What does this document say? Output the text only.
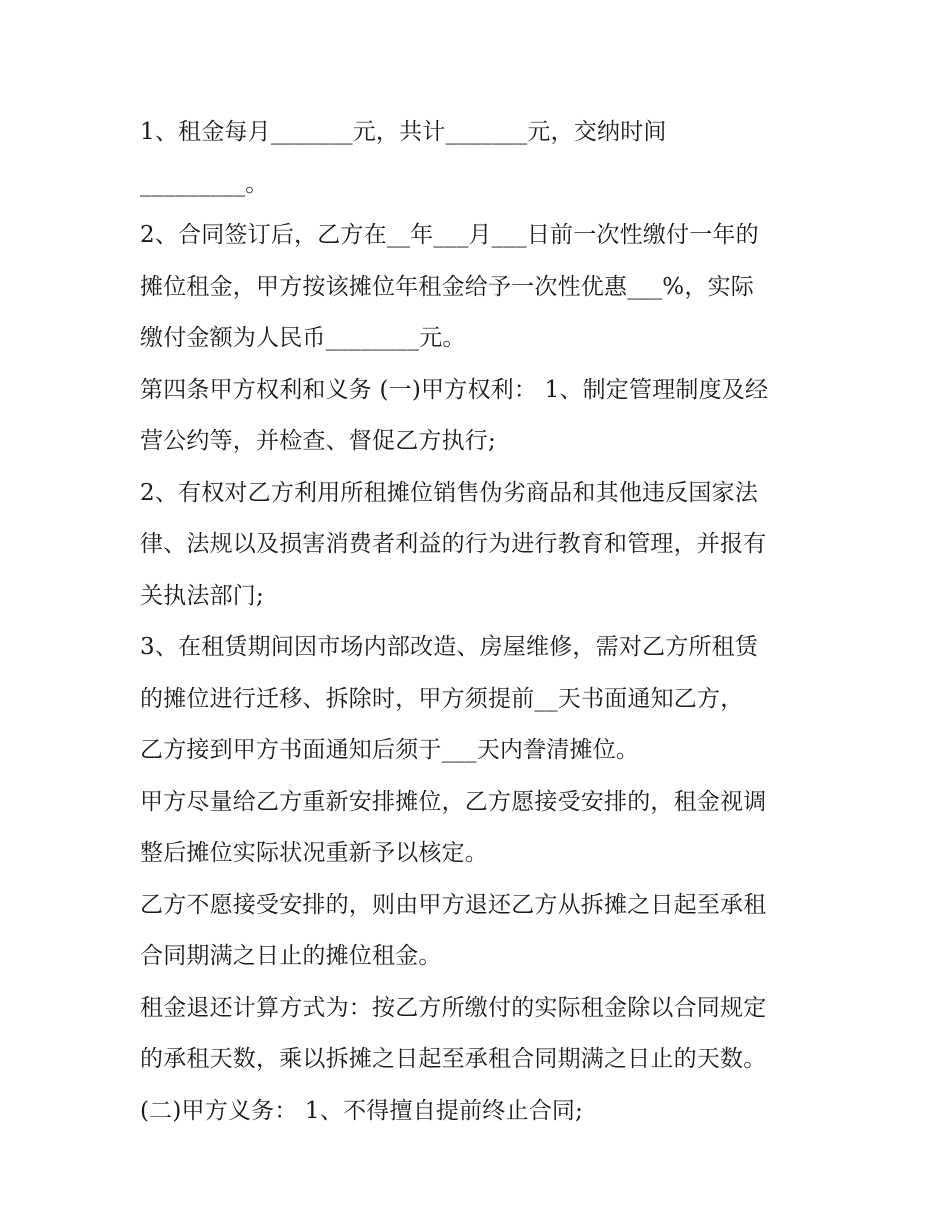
1、租金每月_______元，共计_______元，交纳时间
_________。
2、合同签订后，乙方在__年___月___日前一次性缴付一年的
摊位租金，甲方按该摊位年租金给予一次性优惠___%，实际
缴付金额为人民币________元。
第四条甲方权利和义务 (一)甲方权利： 1、制定管理制度及经
营公约等，并检查、督促乙方执行;
2、有权对乙方利用所租摊位销售伪劣商品和其他违反国家法
律、法规以及损害消费者利益的行为进行教育和管理，并报有
关执法部门;
3、在租赁期间因市场内部改造、房屋维修，需对乙方所租赁
的摊位进行迁移、拆除时，甲方须提前__天书面通知乙方，
乙方接到甲方书面通知后须于___天内誊清摊位。
甲方尽量给乙方重新安排摊位，乙方愿接受安排的，租金视调
整后摊位实际状况重新予以核定。
乙方不愿接受安排的，则由甲方退还乙方从拆摊之日起至承租
合同期满之日止的摊位租金。
租金退还计算方式为：按乙方所缴付的实际租金除以合同规定
的承租天数，乘以拆摊之日起至承租合同期满之日止的天数。
(二)甲方义务： 1、不得擅自提前终止合同;
